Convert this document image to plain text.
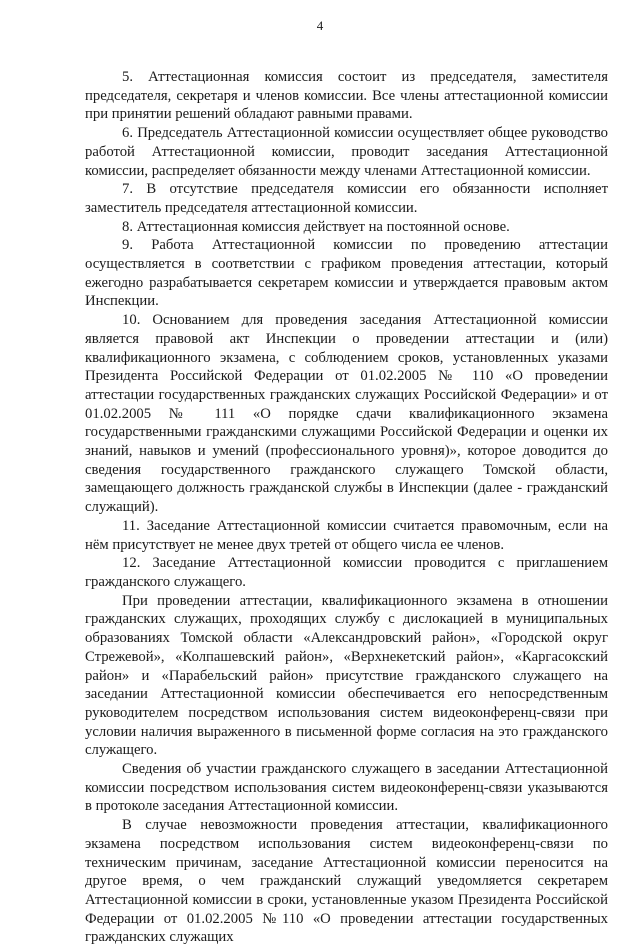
4

5. Аттестационная комиссия состоит из председателя, заместителя председателя, секретаря и членов комиссии. Все члены аттестационной комиссии при принятии решений обладают равными правами.

6. Председатель Аттестационной комиссии осуществляет общее руководство работой Аттестационной комиссии, проводит заседания Аттестационной комиссии, распределяет обязанности между членами Аттестационной комиссии.

7. В отсутствие председателя комиссии его обязанности исполняет заместитель председателя аттестационной комиссии.

8. Аттестационная комиссия действует на постоянной основе.

9. Работа Аттестационной комиссии по проведению аттестации осуществляется в соответствии с графиком проведения аттестации, который ежегодно разрабатывается секретарем комиссии и утверждается правовым актом Инспекции.

10. Основанием для проведения заседания Аттестационной комиссии является правовой акт Инспекции о проведении аттестации и (или) квалификационного экзамена, с соблюдением сроков, установленных указами Президента Российской Федерации от 01.02.2005 № 110 «О проведении аттестации государственных гражданских служащих Российской Федерации» и от 01.02.2005 № 111 «О порядке сдачи квалификационного экзамена государственными гражданскими служащими Российской Федерации и оценки их знаний, навыков и умений (профессионального уровня)», которое доводится до сведения государственного гражданского служащего Томской области, замещающего должность гражданской службы в Инспекции (далее - гражданский служащий).

11. Заседание Аттестационной комиссии считается правомочным, если на нём присутствует не менее двух третей от общего числа ее членов.

12. Заседание Аттестационной комиссии проводится с приглашением гражданского служащего.

При проведении аттестации, квалификационного экзамена в отношении гражданских служащих, проходящих службу с дислокацией в муниципальных образованиях Томской области «Александровский район», «Городской округ Стрежевой», «Колпашевский район», «Верхнекетский район», «Каргасокский район» и «Парабельский район» присутствие гражданского служащего на заседании Аттестационной комиссии обеспечивается его непосредственным руководителем посредством использования систем видеоконференц-связи при условии наличия выраженного в письменной форме согласия на это гражданского служащего.

Сведения об участии гражданского служащего в заседании Аттестационной комиссии посредством использования систем видеоконференц-связи указываются в протоколе заседания Аттестационной комиссии.

В случае невозможности проведения аттестации, квалификационного экзамена посредством использования систем видеоконференц-связи по техническим причинам, заседание Аттестационной комиссии переносится на другое время, о чем гражданский служащий уведомляется секретарем Аттестационной комиссии в сроки, установленные указом Президента Российской Федерации от 01.02.2005 №110 «О проведении аттестации государственных гражданских служащих
